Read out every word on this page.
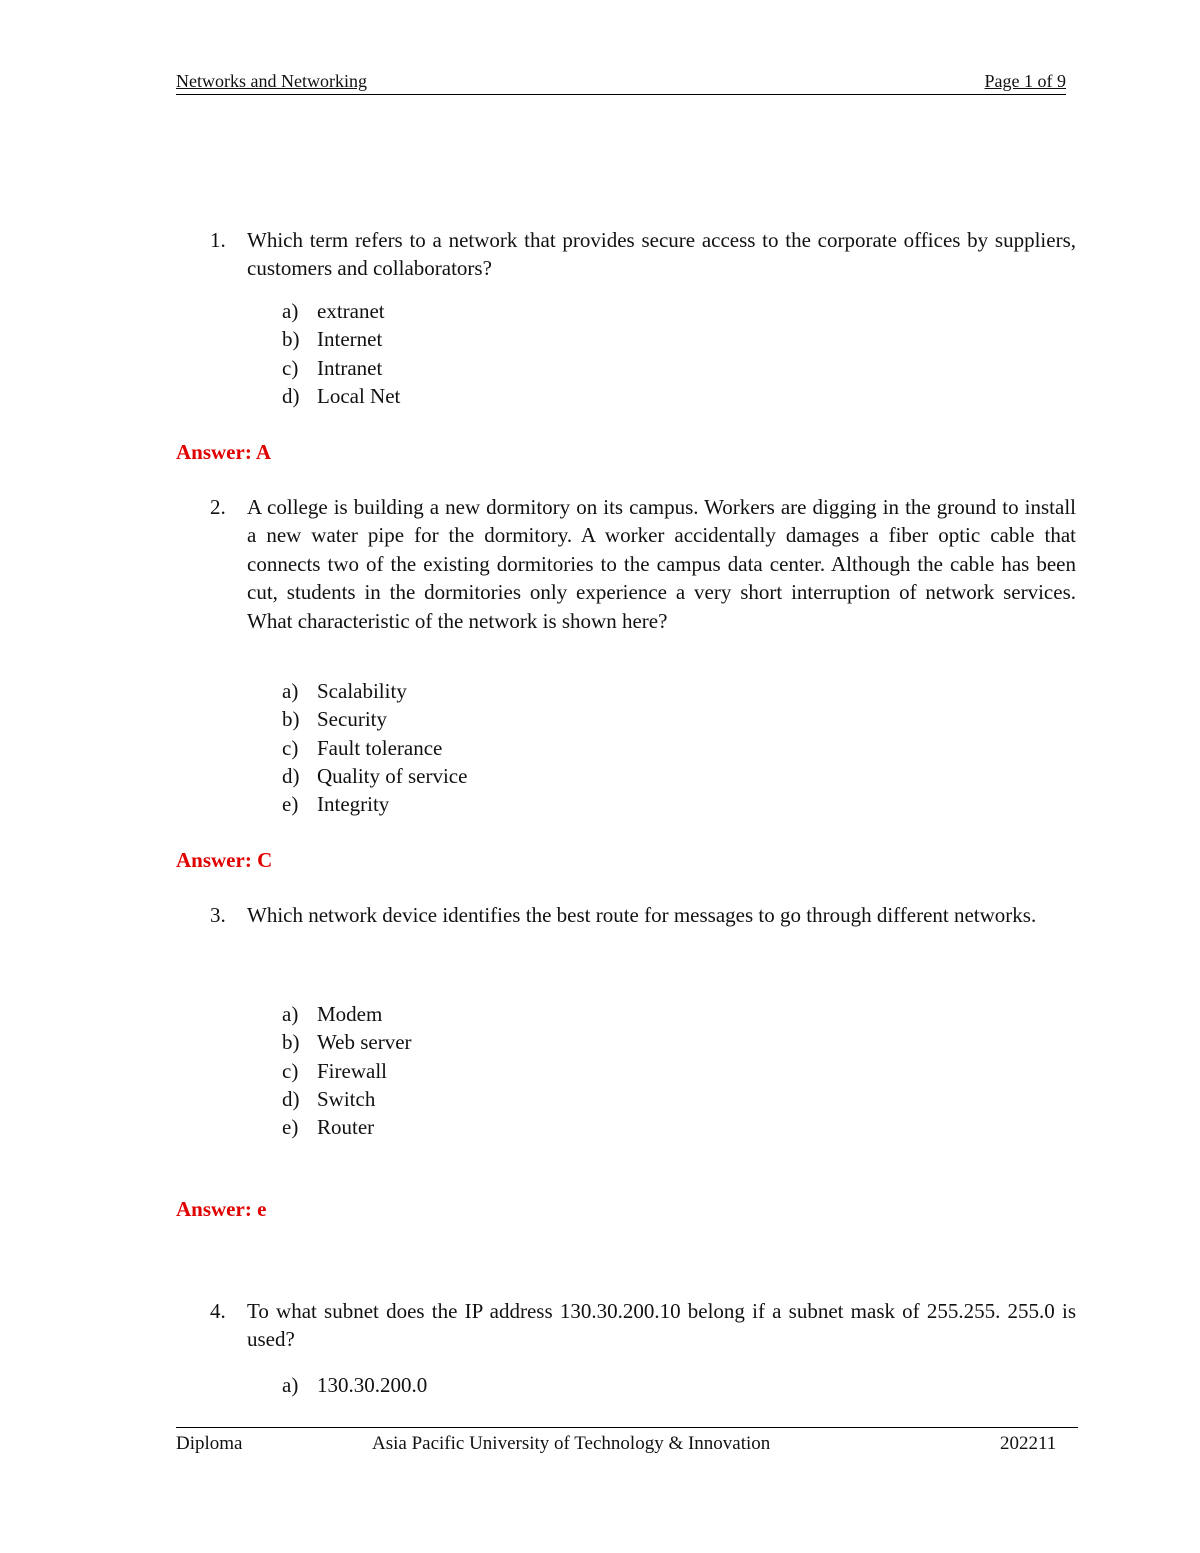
Networks and Networking	Page 1 of 9
1. Which term refers to a network that provides secure access to the corporate offices by suppliers, customers and collaborators?
a) extranet
b) Internet
c) Intranet
d) Local Net
Answer: A
2. A college is building a new dormitory on its campus. Workers are digging in the ground to install a new water pipe for the dormitory. A worker accidentally damages a fiber optic cable that connects two of the existing dormitories to the campus data center. Although the cable has been cut, students in the dormitories only experience a very short interruption of network services. What characteristic of the network is shown here?
a) Scalability
b) Security
c) Fault tolerance
d) Quality of service
e) Integrity
Answer: C
3. Which network device identifies the best route for messages to go through different networks.
a) Modem
b) Web server
c) Firewall
d) Switch
e) Router
Answer: e
4. To what subnet does the IP address 130.30.200.10 belong if a subnet mask of 255.255. 255.0 is used?
a) 130.30.200.0
Diploma	Asia Pacific University of Technology & Innovation	202211
